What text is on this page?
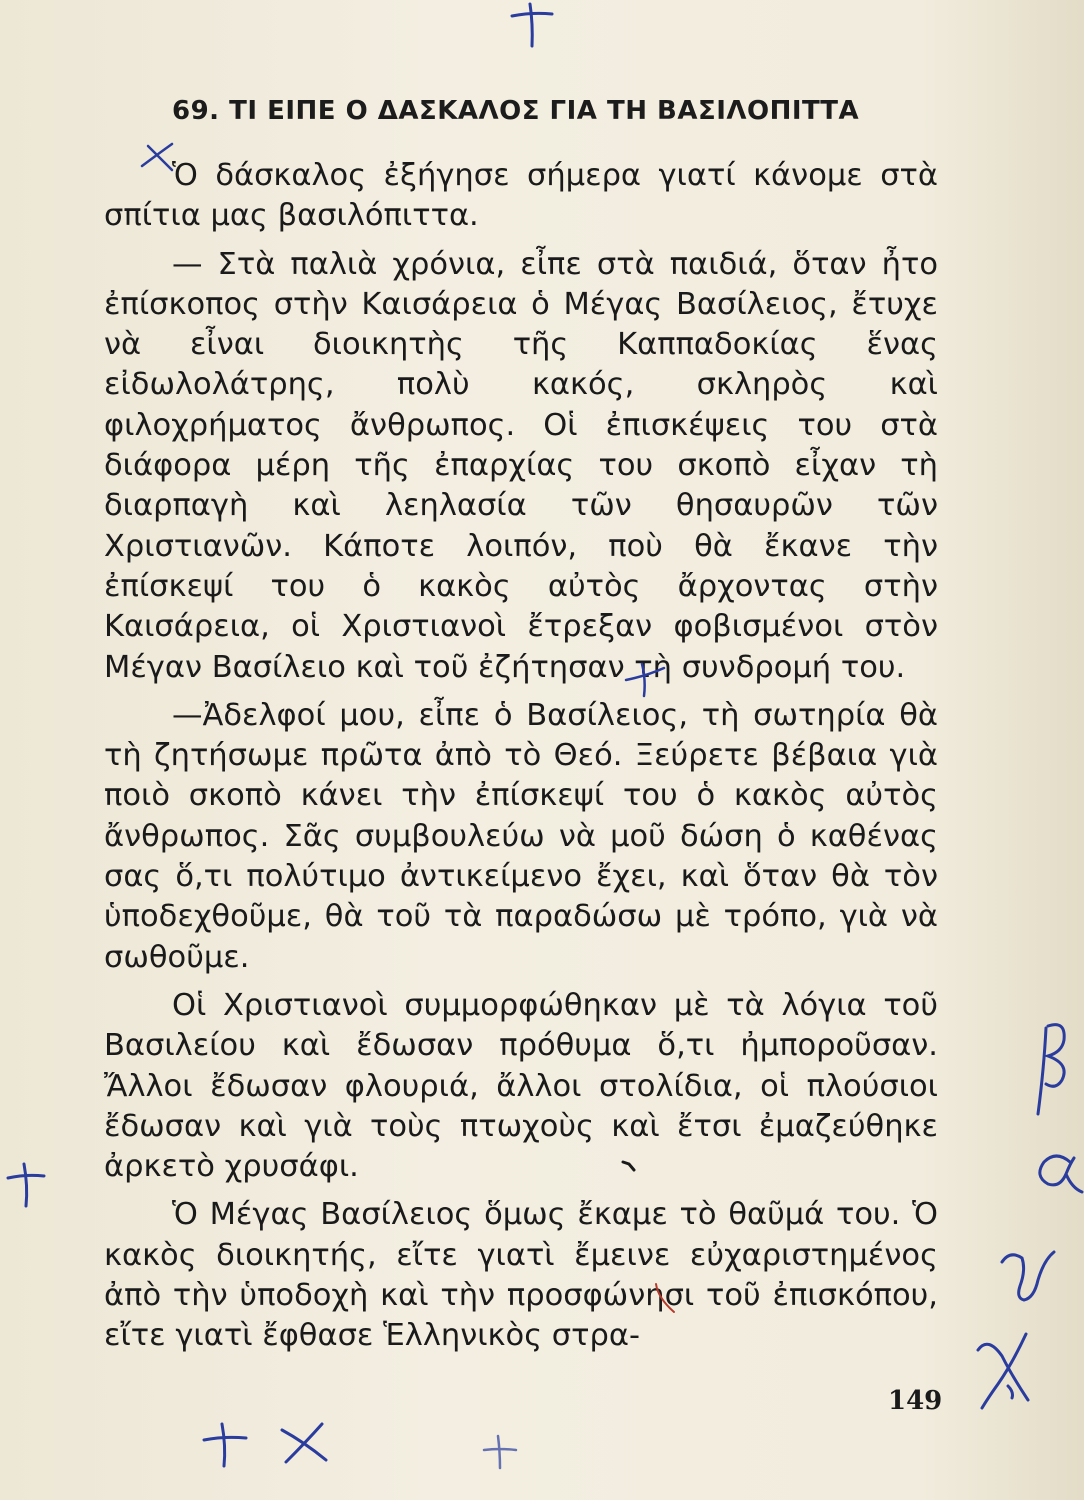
69. ΤΙ ΕΙΠΕ Ο ΔΑΣΚΑΛΟΣ ΓΙΑ ΤΗ ΒΑΣΙΛΟΠΙΤΤΑ

Ὁ δάσκαλος ἐξήγησε σήμερα γιατί κάνομε στὰ σπίτια μας βασιλόπιττα.

— Στὰ παλιὰ χρόνια, εἶπε στὰ παιδιά, ὅταν ἦτο ἐπίσκοπος στὴν Καισάρεια ὁ Μέγας Βασίλειος, ἔτυχε νὰ εἶναι διοικητὴς τῆς Καππαδοκίας ἕνας εἰδωλολάτρης, πολὺ κακός, σκληρὸς καὶ φιλοχρήματος ἄνθρωπος. Οἱ ἐπισκέψεις του στὰ διάφορα μέρη τῆς ἐπαρχίας του σκοπὸ εἶχαν τὴ διαρπαγὴ καὶ λεηλασία τῶν θησαυρῶν τῶν Χριστιανῶν. Κάποτε λοιπόν, ποὺ θὰ ἔκανε τὴν ἐπίσκεψί του ὁ κακὸς αὐτὸς ἄρχοντας στὴν Καισάρεια, οἱ Χριστιανοὶ ἔτρεξαν φοβισμένοι στὸν Μέγαν Βασίλειο καὶ τοῦ ἐζήτησαν τὴ συνδρομή του.

—Ἀδελφοί μου, εἶπε ὁ Βασίλειος, τὴ σωτηρία θὰ τὴ ζητήσωμε πρῶτα ἀπὸ τὸ Θεό. Ξεύρετε βέβαια γιὰ ποιὸ σκοπὸ κάνει τὴν ἐπίσκεψί του ὁ κακὸς αὐτὸς ἄνθρωπος. Σᾶς συμβουλεύω νὰ μοῦ δώση ὁ καθένας σας ὅ,τι πολύτιμο ἀντικείμενο ἔχει, καὶ ὅταν θὰ τὸν ὑποδεχθοῦμε, θὰ τοῦ τὰ παραδώσω μὲ τρόπο, γιὰ νὰ σωθοῦμε.

Οἱ Χριστιανοὶ συμμορφώθηκαν μὲ τὰ λόγια τοῦ Βασιλείου καὶ ἔδωσαν πρόθυμα ὅ,τι ἠμποροῦσαν. Ἄλλοι ἔδωσαν φλουριά, ἄλλοι στολίδια, οἱ πλούσιοι ἔδωσαν καὶ γιὰ τοὺς πτωχοὺς καὶ ἔτσι ἐμαζεύθηκε ἀρκετὸ χρυσάφι.

Ὁ Μέγας Βασίλειος ὅμως ἔκαμε τὸ θαῦμά του. Ὁ κακὸς διοικητής, εἴτε γιατὶ ἔμεινε εὐχαριστημένος ἀπὸ τὴν ὑποδοχὴ καὶ τὴν προσφώνησι τοῦ ἐπισκόπου, εἴτε γιατὶ ἔφθασε Ἑλληνικὸς στρα-

149
